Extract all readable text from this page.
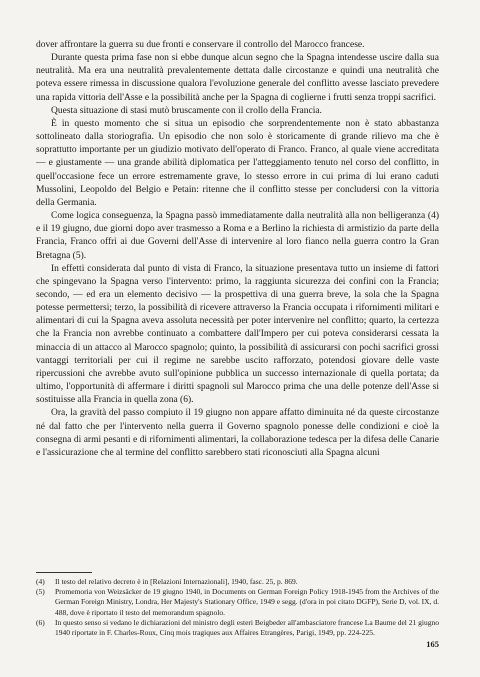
dover affrontare la guerra su due fronti e conservare il controllo del Marocco francese.

Durante questa prima fase non si ebbe dunque alcun segno che la Spagna intendesse uscire dalla sua neutralità. Ma era una neutralità prevalentemente dettata dalle circostanze e quindi una neutralità che poteva essere rimessa in discussione qualora l'evoluzione generale del conflitto avesse lasciato prevedere una rapida vittoria dell'Asse e la possibilità anche per la Spagna di coglierne i frutti senza troppi sacrifici.

Questa situazione di stasi mutò bruscamente con il crollo della Francia.

È in questo momento che si situa un episodio che sorprendentemente non è stato abbastanza sottolineato dalla storiografia. Un episodio che non solo è storicamente di grande rilievo ma che è soprattutto importante per un giudizio motivato dell'operato di Franco. Franco, al quale viene accreditata — e giustamente — una grande abilità diplomatica per l'atteggiamento tenuto nel corso del conflitto, in quell'occasione fece un errore estremamente grave, lo stesso errore in cui prima di lui erano caduti Mussolini, Leopoldo del Belgio e Petain: ritenne che il conflitto stesse per concludersi con la vittoria della Germania.

Come logica conseguenza, la Spagna passò immediatamente dalla neutralità alla non belligeranza (4) e il 19 giugno, due giorni dopo aver trasmesso a Roma e a Berlino la richiesta di armistizio da parte della Francia, Franco offrì ai due Governi dell'Asse di intervenire al loro fianco nella guerra contro la Gran Bretagna (5).

In effetti considerata dal punto di vista di Franco, la situazione presentava tutto un insieme di fattori che spingevano la Spagna verso l'intervento: primo, la raggiunta sicurezza dei confini con la Francia; secondo, — ed era un elemento decisivo — la prospettiva di una guerra breve, la sola che la Spagna potesse permettersi; terzo, la possibilità di ricevere attraverso la Francia occupata i rifornimenti militari e alimentari di cui la Spagna aveva assoluta necessità per poter intervenire nel conflitto; quarto, la certezza che la Francia non avrebbe continuato a combattere dall'Impero per cui poteva considerarsi cessata la minaccia di un attacco al Marocco spagnolo; quinto, la possibilità di assicurarsi con pochi sacrifici grossi vantaggi territoriali per cui il regime ne sarebbe uscito rafforzato, potendosi giovare delle vaste ripercussioni che avrebbe avuto sull'opinione pubblica un successo internazionale di quella portata; da ultimo, l'opportunità di affermare i diritti spagnoli sul Marocco prima che una delle potenze dell'Asse si sostituisse alla Francia in quella zona (6).

Ora, la gravità del passo compiuto il 19 giugno non appare affatto diminuita né da queste circostanze né dal fatto che per l'intervento nella guerra il Governo spagnolo ponesse delle condizioni e cioè la consegna di armi pesanti e di rifornimenti alimentari, la collaborazione tedesca per la difesa delle Canarie e l'assicurazione che al termine del conflitto sarebbero stati riconosciuti alla Spagna alcuni

(4)	Il testo del relativo decreto è in [Relazioni Internazionali], 1940, fasc. 25, p. 869.
(5)	Promemoria von Weizsäcker de 19 giugno 1940, in Documents on German Foreign Policy 1918-1945 from the Archives of the German Foreign Ministry, Londra, Her Majesty's Stationary Office, 1949 e segg. (d'ora in poi citato DGFP), Serie D, vol. IX, d. 488, dove è riportato il testo del memorandum spagnolo.
(6)	In questo senso si vedano le dichiarazioni del ministro degli esteri Beigbeder all'ambasciatore francese La Baume del 21 giugno 1940 riportate in F. Charles-Roux, Cinq mois tragiques aux Affaires Etrangères, Parigi, 1949, pp. 224-225.
165
